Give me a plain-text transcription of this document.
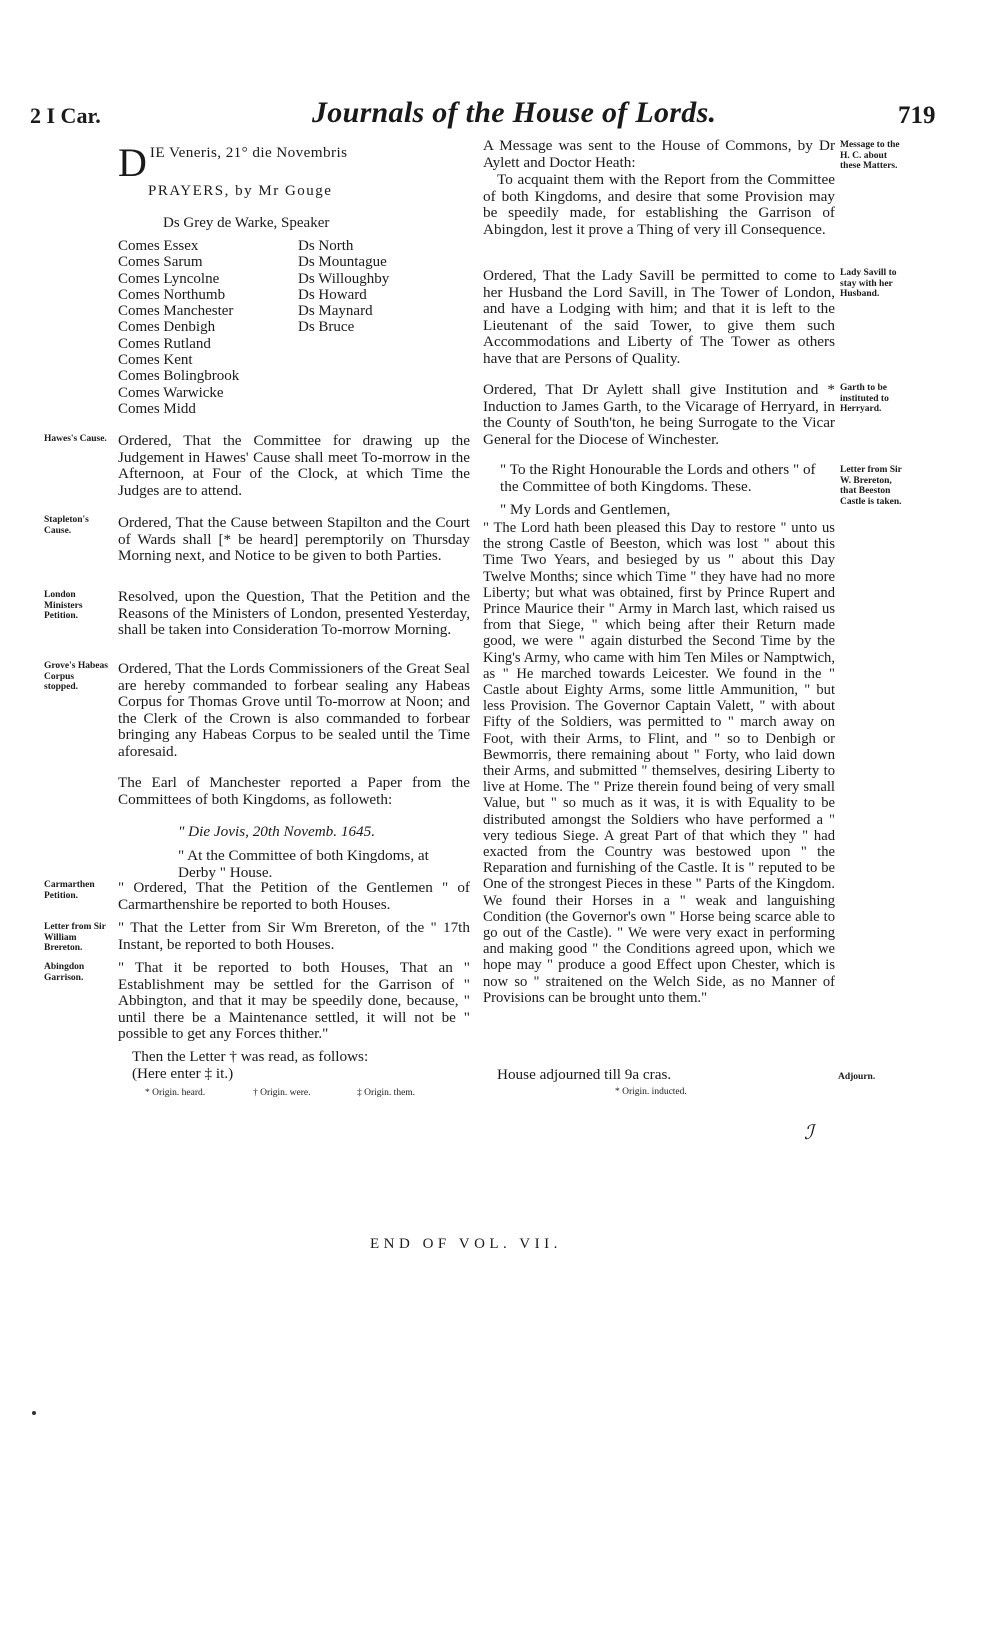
2 I Car.	Journals of the House of Lords.	719
D IE Veneris, 21° die Novembris
PRAYERS, by Mr Gouge
Ds Grey de Warke, Speaker
Comes Essex
Comes Sarum
Comes Lyncolne
Comes Northumb
Comes Manchester
Comes Denbigh
Comes Rutland
Comes Kent
Comes Bolingbrook
Comes Warwicke
Comes Midd
Ds North
Ds Mountague
Ds Willoughby
Ds Howard
Ds Maynard
Ds Bruce
Ordered, That the Committee for drawing up the Judgement in Hawes' Cause shall meet To-morrow in the Afternoon, at Four of the Clock, at which Time the Judges are to attend.
Ordered, That the Cause between Stapilton and the Court of Wards shall [* be heard] peremptorily on Thursday Morning next, and Notice to be given to both Parties.
Resolved, upon the Question, That the Petition and the Reasons of the Ministers of London, presented Yesterday, shall be taken into Consideration To-morrow Morning.
Ordered, That the Lords Commissioners of the Great Seal are hereby commanded to forbear sealing any Habeas Corpus for Thomas Grove until To-morrow at Noon; and the Clerk of the Crown is also commanded to forbear bringing any Habeas Corpus to be sealed until the Time aforesaid.
The Earl of Manchester reported a Paper from the Committees of both Kingdoms, as followeth:
" Die Jovis, 20th Novemb. 1645.
" At the Committee of both Kingdoms, at Derby " House.
" Ordered, That the Petition of the Gentlemen " of Carmarthenshire be reported to both Houses.
" That the Letter from Sir Wm Brereton, of the " 17th Instant, be reported to both Houses.
" That it be reported to both Houses, That an " Establishment may be settled for the Garrison of " Abbington, and that it may be speedily done, because, " until there be a Maintenance settled, it will not be " possible to get any Forces thither."
Then the Letter † was read, as follows:
(Here enter ‡ it.)
* Origin. heard.	† Origin. were.	‡ Origin. them.
Hawes's Cause.
Stapleton's Cause.
London Ministers Petition.
Grove's Habeas Corpus stopped.
Carmarthen Petition.
Letter from Sir William Brereton.
Abingdon Garrison.
A Message was sent to the House of Commons, by Dr Aylett and Doctor Heath:
To acquaint them with the Report from the Committee of both Kingdoms, and desire that some Provision may be speedily made, for establishing the Garrison of Abingdon, lest it prove a Thing of very ill Consequence.
Ordered, That the Lady Savill be permitted to come to her Husband the Lord Savill, in The Tower of London, and have a Lodging with him; and that it is left to the Lieutenant of the said Tower, to give them such Accommodations and Liberty of The Tower as others have that are Persons of Quality.
Ordered, That Dr Aylett shall give Institution and * Induction to James Garth, to the Vicarage of Herryard, in the County of South'ton, he being Surrogate to the Vicar General for the Diocese of Winchester.
" To the Right Honourable the Lords and others " of the Committee of both Kingdoms. These.
" My Lords and Gentlemen,
" The Lord hath been pleased this Day to restore " unto us the strong Castle of Beeston, which was lost " about this Time Two Years, and besieged by us " about this Day Twelve Months; since which Time " they have had no more Liberty; but what was obtained, first by Prince Rupert and Prince Maurice their " Army in March last, which raised us from that Siege, " which being after their Return made good, we were " again disturbed the Second Time by the King's Army, who came with him Ten Miles or Namptwich, as " He marched towards Leicester. We found in the " Castle about Eighty Arms, some little Ammunition, " but less Provision. The Governor Captain Valett, " with about Fifty of the Soldiers, was permitted to " march away on Foot, with their Arms, to Flint, and " so to Denbigh or Bewmorris, there remaining about " Forty, who laid down their Arms, and submitted " themselves, desiring Liberty to live at Home. The " Prize therein found being of very small Value, but " so much as it was, it is with Equality to be distributed amongst the Soldiers who have performed a " very tedious Siege. A great Part of that which they " had exacted from the Country was bestowed upon " the Reparation and furnishing of the Castle. It is " reputed to be One of the strongest Pieces in these " Parts of the Kingdom. We found their Horses in a " weak and languishing Condition (the Governor's own " Horse being scarce able to go out of the Castle). " We were very exact in performing and making good " the Conditions agreed upon, which we hope may " produce a good Effect upon Chester, which is now so " straitened on the Welch Side, as no Manner of Provisions can be brought unto them."
House adjourned till 9a cras.
* Origin. inducted.
Message to the H. C. about these Matters.
Lady Savill to stay with her Husband.
Garth to be instituted to Herryard.
Letter from Sir W. Brereton, that Beeston Castle is taken.
Adjourn.
ℐ
END OF VOL. VII.
